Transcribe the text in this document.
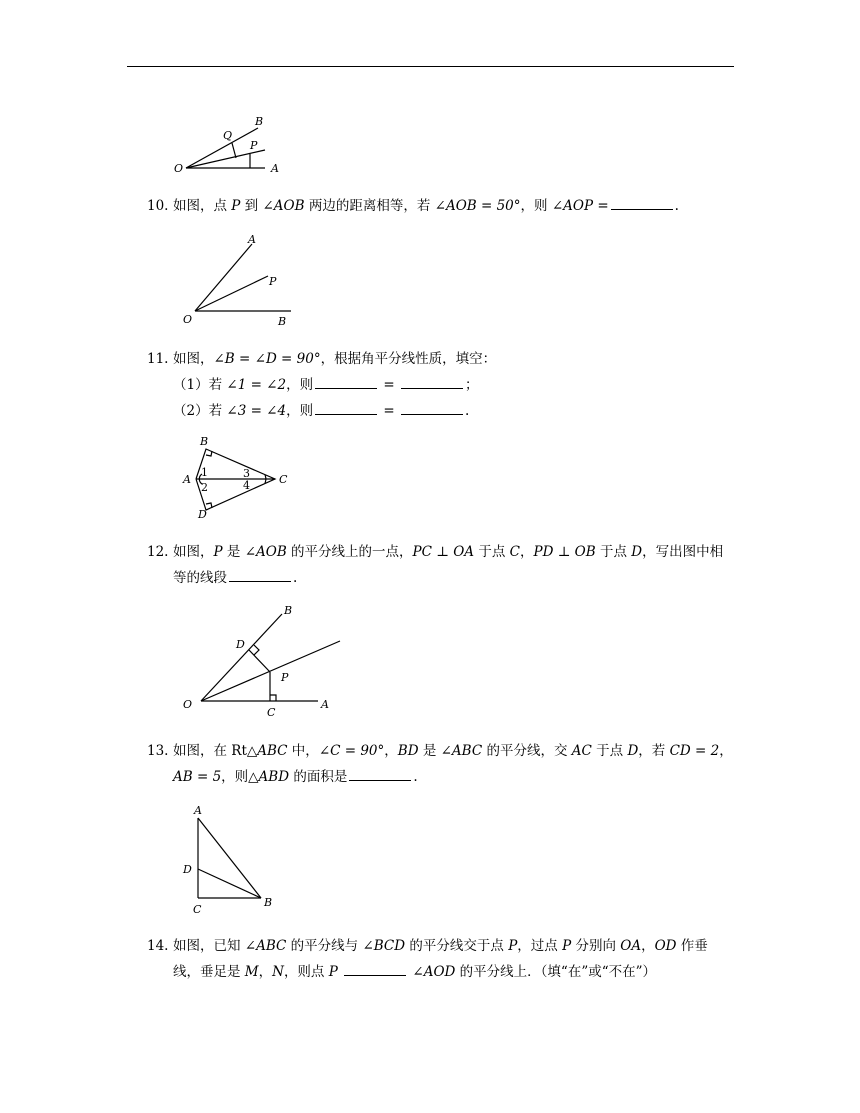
O
Q
B
P
A
10. 如图，点 P 到 ∠AOB 两边的距离相等，若 ∠AOB = 50°，则 ∠AOP =	.
A
P
O	B
11. 如图，∠B = ∠D = 90°，根据角平分线性质，填空：
（1）若 ∠1 = ∠2，则	=	；
（2）若 ∠3 = ∠4，则	=	.
B
A	C
D
1
2
3
4
12. 如图，P 是 ∠AOB 的平分线上的一点，PC ⊥ OA 于点 C，PD ⊥ OB 于点 D，写出图中相
等的线段	.
B
D
P
O
C
A
13. 如图，在 Rt△ABC 中，∠C = 90°，BD 是 ∠ABC 的平分线，交 AC 于点 D，若 CD = 2，
AB = 5，则△ABD 的面积是	.
A
D
C
B
14. 如图，已知 ∠ABC 的平分线与 ∠BCD 的平分线交于点 P，过点 P 分别向 OA，OD 作垂
线，垂足是 M，N，则点 P	∠AOD 的平分线上．（填“在”或“不在”）
